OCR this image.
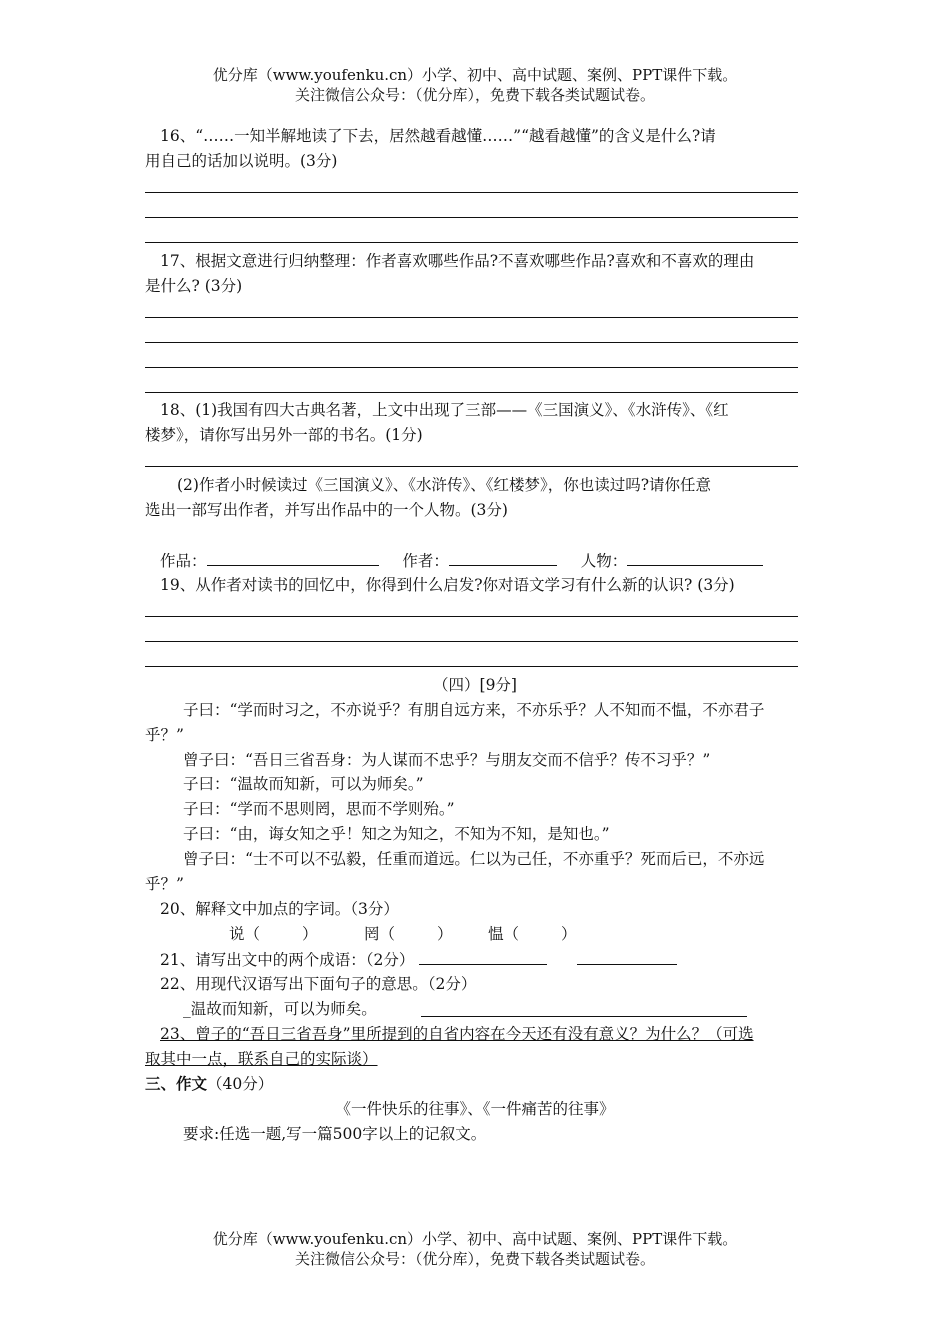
优分库（www.youfenku.cn）小学、初中、高中试题、案例、PPT课件下载。
关注微信公众号：（优分库），免费下载各类试题试卷。
16、“……一知半解地读了下去，居然越看越懂……”“越看越懂”的含义是什么?请
用自己的话加以说明。(3分)
17、根据文意进行归纳整理：作者喜欢哪些作品?不喜欢哪些作品?喜欢和不喜欢的理由
是什么? (3分)
18、(1)我国有四大古典名著，上文中出现了三部——《三国演义》、《水浒传》、《红
楼梦》，请你写出另外一部的书名。(1分)
(2)作者小时候读过《三国演义》、《水浒传》、《红楼梦》，你也读过吗?请你任意
选出一部写出作者，并写出作品中的一个人物。(3分)
作品：	作者：	人物：
19、从作者对读书的回忆中，你得到什么启发?你对语文学习有什么新的认识? (3分)
（四）[9分]
子曰：“学而时习之，不亦说乎？有朋自远方来，不亦乐乎？人不知而不愠，不亦君子
乎？”
曾子曰：“吾日三省吾身：为人谋而不忠乎？与朋友交而不信乎？传不习乎？”
子曰：“温故而知新，可以为师矣。”
子曰：“学而不思则罔，思而不学则殆。”
子曰：“由，诲女知之乎！知之为知之，不知为不知，是知也。”
曾子曰：“士不可以不弘毅，任重而道远。仁以为己任，不亦重乎？死而后已，不亦远
乎？”
20、解释文中加点的字词。（3分）
说（	）	罔（	） 愠（	）
21、请写出文中的两个成语：（2分）
22、用现代汉语写出下面句子的意思。（2分）
_温故而知新，可以为师矣。
23、曾子的“吾日三省吾身”里所提到的自省内容在今天还有没有意义？为什么？（可选
取其中一点，联系自己的实际谈）
三、作文（40分）
《一件快乐的往事》、《一件痛苦的往事》
要求:任选一题,写一篇500字以上的记叙文。
优分库（www.youfenku.cn）小学、初中、高中试题、案例、PPT课件下载。
关注微信公众号：（优分库），免费下载各类试题试卷。
